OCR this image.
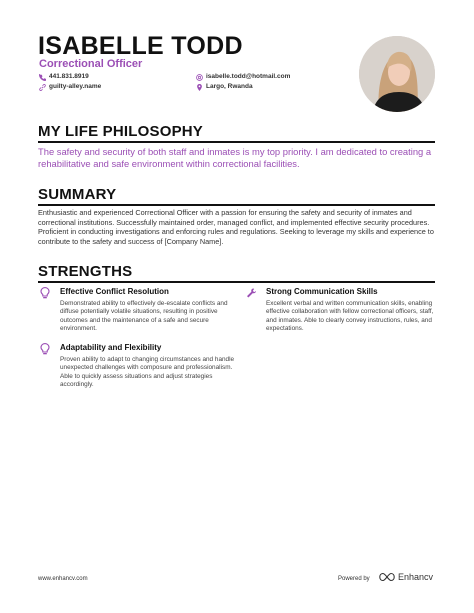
ISABELLE TODD
Correctional Officer
441.831.8919
guilty-alley.name
isabelle.todd@hotmail.com
Largo, Rwanda
MY LIFE PHILOSOPHY
The safety and security of both staff and inmates is my top priority. I am dedicated to creating a rehabilitative and safe environment within correctional facilities.
SUMMARY
Enthusiastic and experienced Correctional Officer with a passion for ensuring the safety and security of inmates and correctional institutions. Successfully maintained order, managed conflict, and implemented effective security procedures. Proficient in conducting investigations and enforcing rules and regulations. Seeking to leverage my skills and experience to contribute to the safety and success of [Company Name].
STRENGTHS
Effective Conflict Resolution
Demonstrated ability to effectively de-escalate conflicts and diffuse potentially volatile situations, resulting in positive outcomes and the maintenance of a safe and secure environment.
Strong Communication Skills
Excellent verbal and written communication skills, enabling effective collaboration with fellow correctional officers, staff, and inmates. Able to clearly convey instructions, rules, and expectations.
Adaptability and Flexibility
Proven ability to adapt to changing circumstances and handle unexpected challenges with composure and professionalism. Able to quickly assess situations and adjust strategies accordingly.
www.enhancv.com	Powered by	Enhancv
